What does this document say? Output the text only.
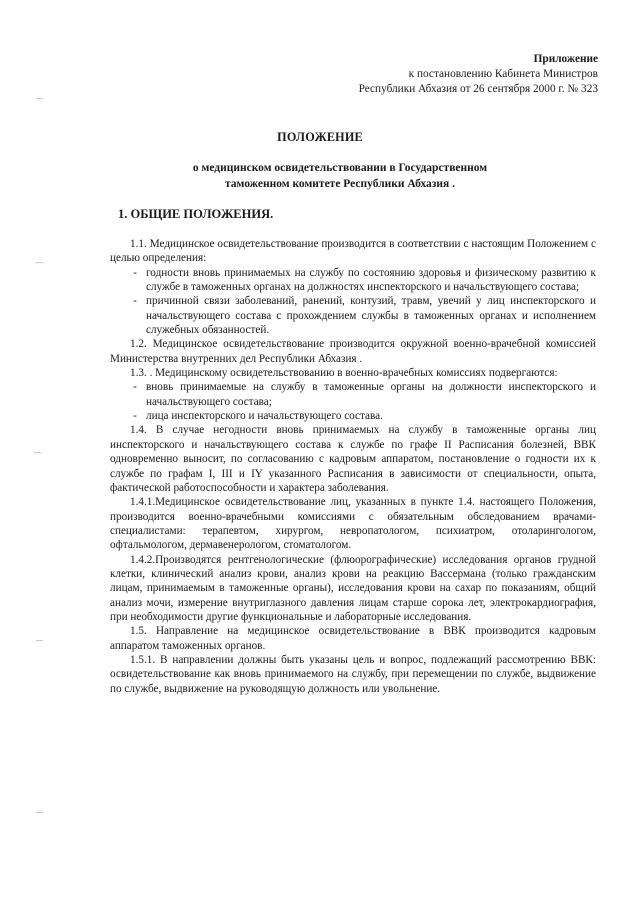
Приложение
к постановлению Кабинета Министров
Республики Абхазия от 26 сентября 2000 г. № 323
ПОЛОЖЕНИЕ
о медицинском освидетельствовании в Государственном
таможенном комитете Республики Абхазия .
1. ОБЩИЕ ПОЛОЖЕНИЯ.

1.1. Медицинское освидетельствование производится в соответствии с настоящим Положением с целью определения:

- годности вновь принимаемых на службу по состоянию здоровья и физическому развитию к службе в таможенных органах на должностях инспекторского и начальствующего состава;
- причинной связи заболеваний, ранений, контузий, травм, увечий у лиц инспекторского и начальствующего состава с прохождением службы в таможенных органах и исполнением служебных обязанностей.

1.2. Медицинское освидетельствование производится окружной военно-врачебной комиссией Министерства внутренних дел Республики Абхазия .

1.3. . Медицинскому освидетельствованию в военно-врачебных комиссиях подвергаются:

- вновь принимаемые на службу в таможенные органы на должности инспекторского и начальствующего состава;
- лица инспекторского и начальствующего состава.

1.4. В случае негодности вновь принимаемых на службу в таможенные органы лиц инспекторского и начальствующего состава к службе по графе II Расписания болезней, ВВК одновременно выносит, по согласованию с кадровым аппаратом, постановление о годности их к службе по графам I, III и IY указанного Расписания в зависимости от специальности, опыта, фактической работоспособности и характера заболевания.

1.4.1.Медицинское освидетельствование лиц, указанных в пункте 1.4. настоящего Положения, производится военно-врачебными комиссиями с обязательным обследованием врачами-специалистами: терапевтом, хирургом, невропатологом, психиатром, отоларингологом, офтальмологом, дермавенерологом, стоматологом.

1.4.2.Производятся рентгенологические (флюорографические) исследования органов грудной клетки, клинический анализ крови, анализ крови на реакцию Вассермана (только гражданским лицам, принимаемым в таможенные органы), исследования крови на сахар по показаниям, общий анализ мочи, измерение внутриглазного давления лицам старше сорока лет, электрокардиография, при необходимости другие функциональные и лабораторные исследования.

1.5. Направление на медицинское освидетельствование в ВВК производится кадровым аппаратом таможенных органов.

1.5.1. В направлении должны быть указаны цель и вопрос, подлежащий рассмотрению ВВК: освидетельствование как вновь принимаемого на службу, при перемещении по службе, выдвижение по службе, выдвижение на руководящую должность или увольнение.

⁀
⁀
⁀
⁀
⁀
